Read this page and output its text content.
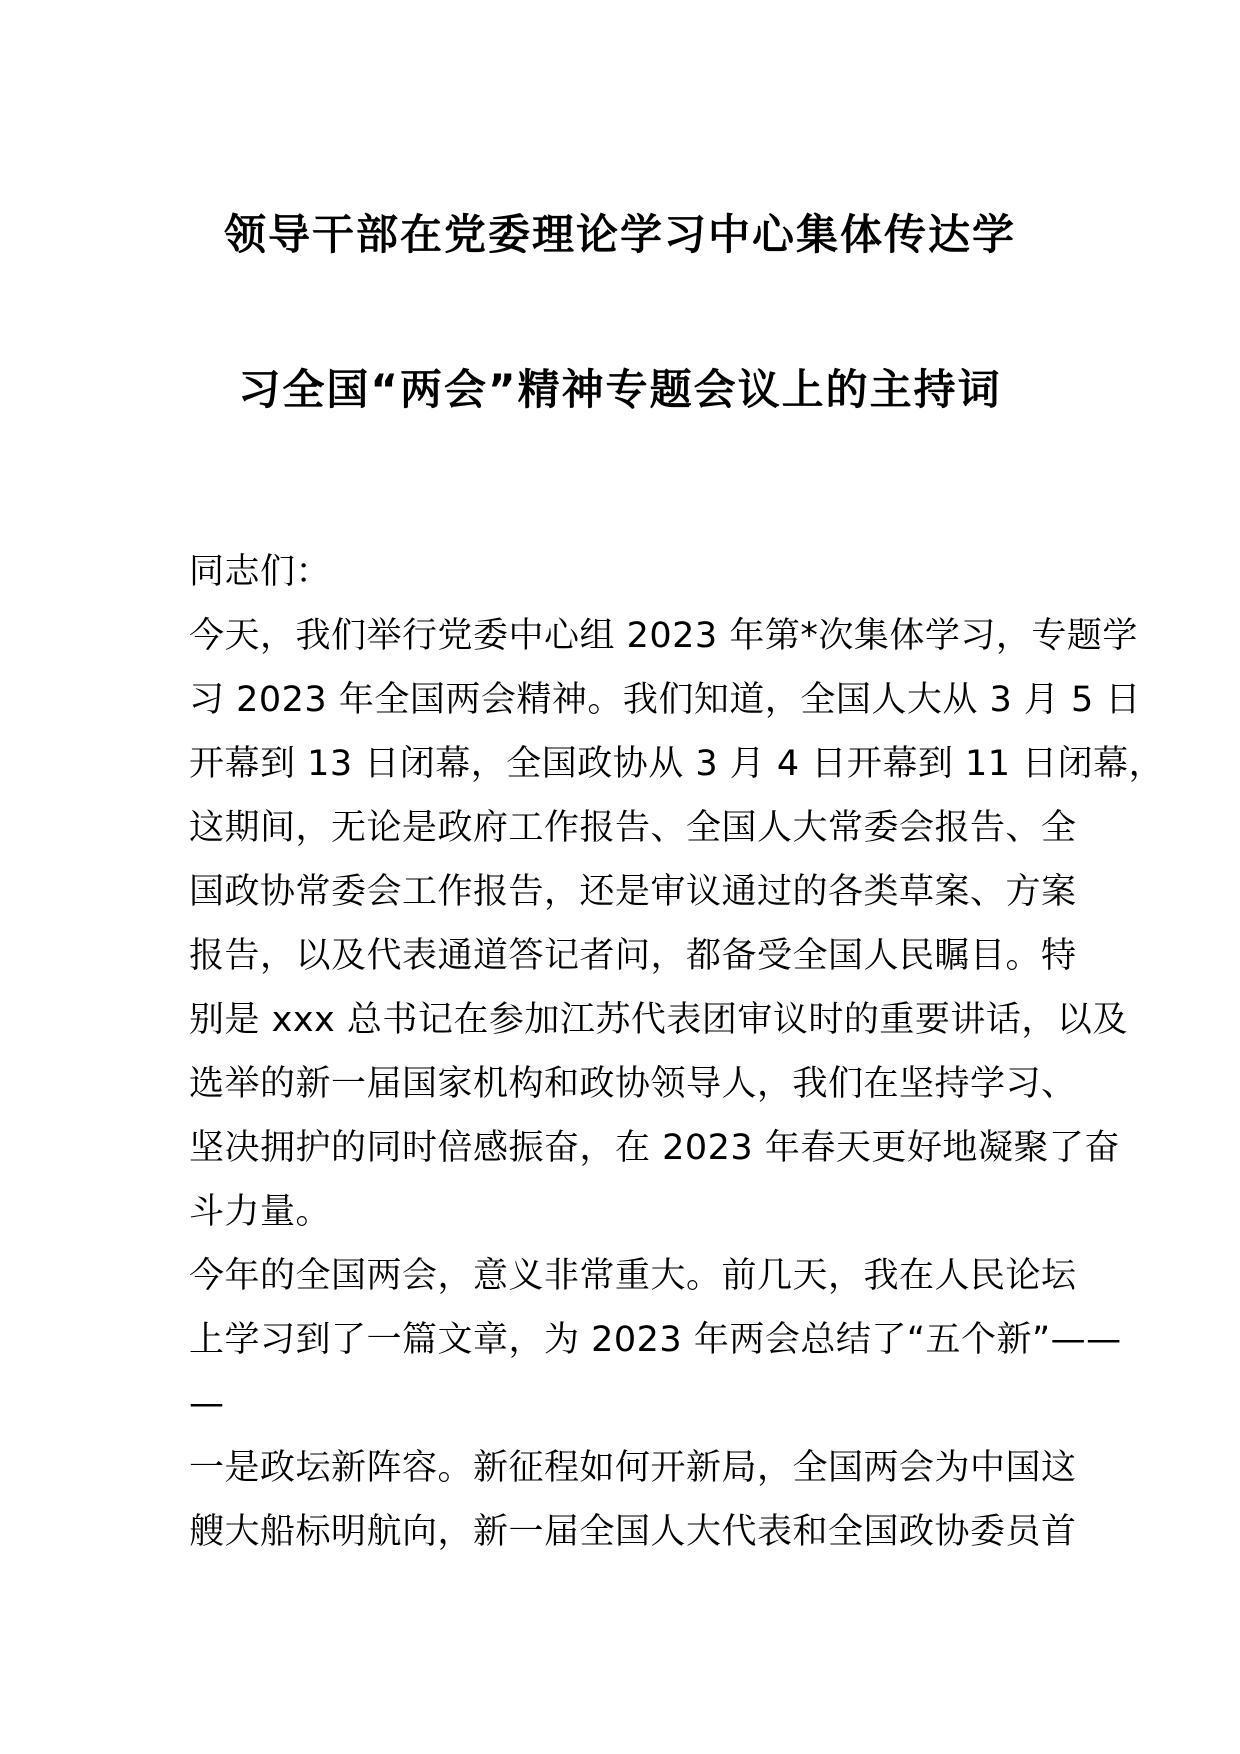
领导干部在党委理论学习中心集体传达学
习全国“两会”精神专题会议上的主持词
同志们：
今天，我们举行党委中心组 2023 年第*次集体学习，专题学
习 2023 年全国两会精神。我们知道，全国人大从 3 月 5 日
开幕到 13 日闭幕，全国政协从 3 月 4 日开幕到 11 日闭幕，
这期间，无论是政府工作报告、全国人大常委会报告、全
国政协常委会工作报告，还是审议通过的各类草案、方案
报告，以及代表通道答记者问，都备受全国人民瞩目。特
别是 xxx 总书记在参加江苏代表团审议时的重要讲话，以及
选举的新一届国家机构和政协领导人，我们在坚持学习、
坚决拥护的同时倍感振奋，在 2023 年春天更好地凝聚了奋
斗力量。
今年的全国两会，意义非常重大。前几天，我在人民论坛
上学习到了一篇文章，为 2023 年两会总结了“五个新”——
—
一是政坛新阵容。新征程如何开新局，全国两会为中国这
艘大船标明航向，新一届全国人大代表和全国政协委员首
